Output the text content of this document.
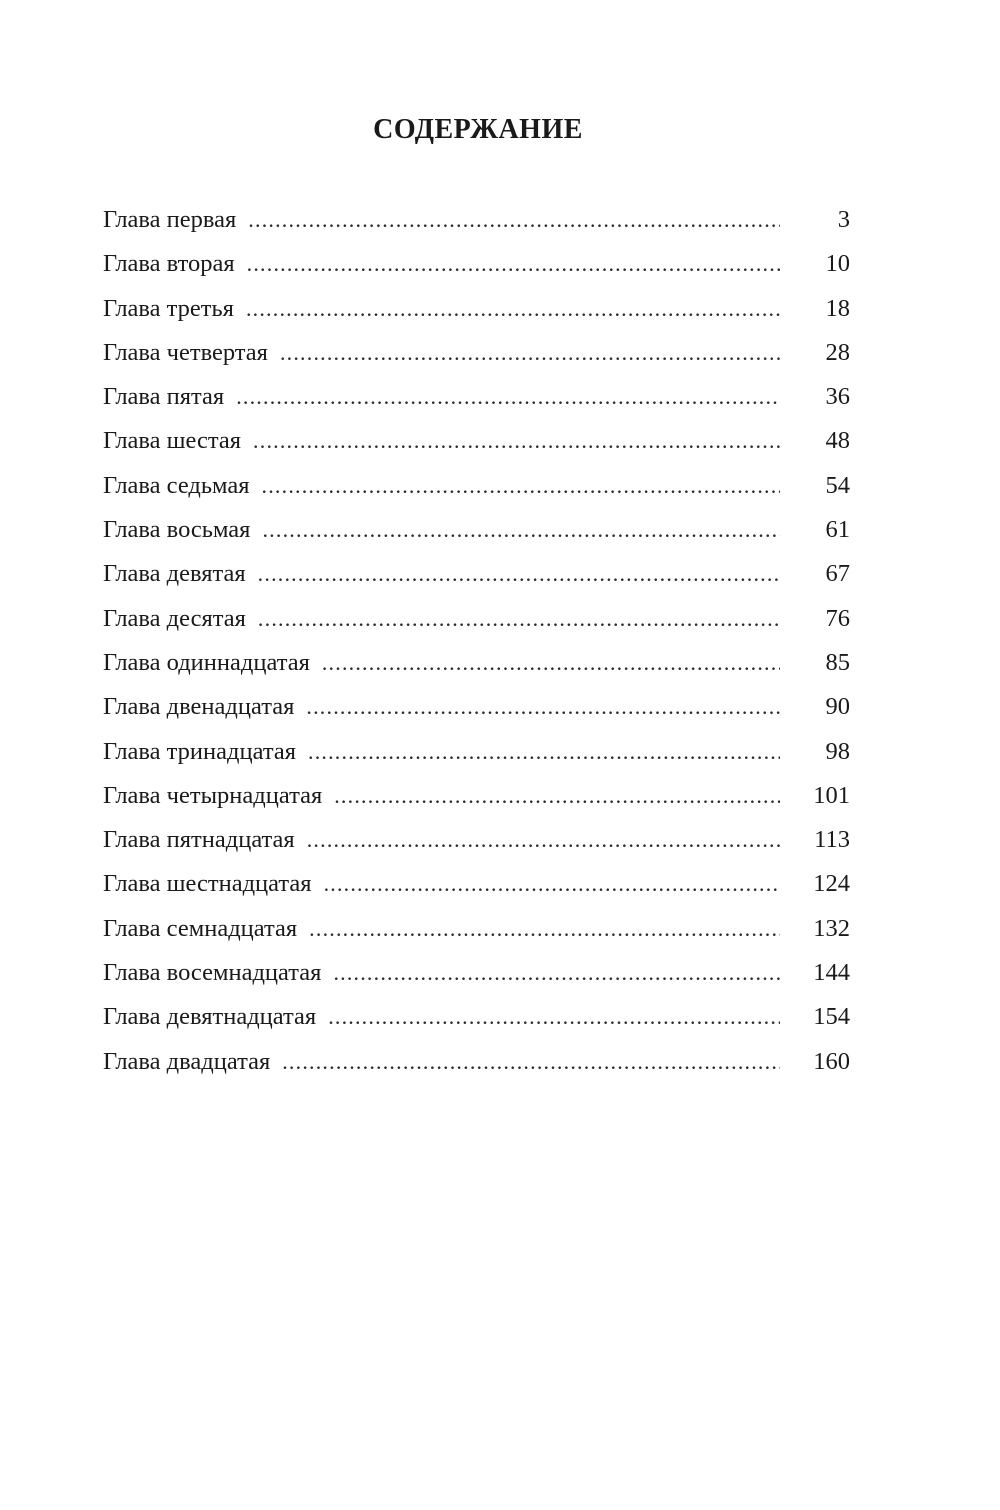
СОДЕРЖАНИЕ
Глава первая .....	3
Глава вторая .....	10
Глава третья .....	18
Глава четвертая .....	28
Глава пятая .....	36
Глава шестая .....	48
Глава седьмая .....	54
Глава восьмая .....	61
Глава девятая .....	67
Глава десятая .....	76
Глава одиннадцатая .....	85
Глава двенадцатая .....	90
Глава тринадцатая .....	98
Глава четырнадцатая .....	101
Глава пятнадцатая .....	113
Глава шестнадцатая .....	124
Глава семнадцатая .....	132
Глава восемнадцатая .....	144
Глава девятнадцатая .....	154
Глава двадцатая .....	160
